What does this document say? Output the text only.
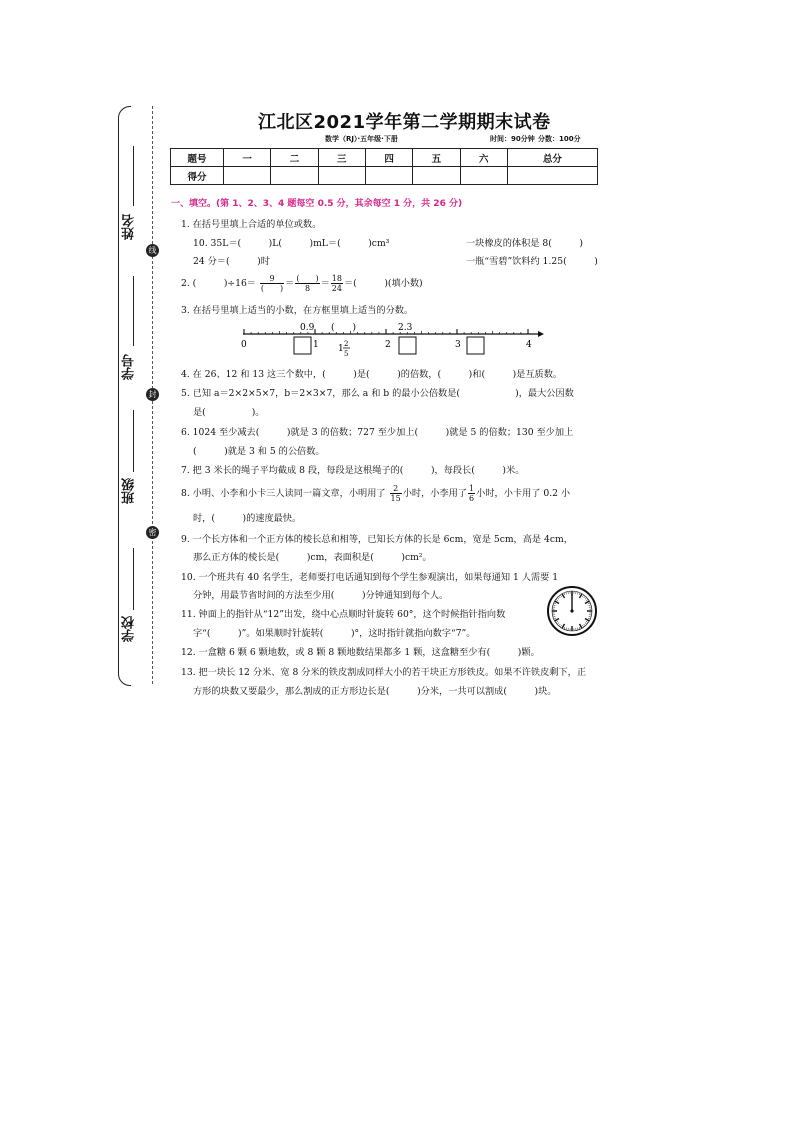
姓名
线
学号
封
班级
密
学校
江北区2021学年第二学期期末试卷
数学（RJ）·五年级·下册	时间：90分钟 分数：100分
题号	一	二	三	四	五	六	总分
得分							
一、填空。(第 1、2、3、4 题每空 0.5 分，其余每空 1 分，共 26 分)
1. 在括号里填上合适的单位或数。
10. 35L＝(　　　)L(　　　)mL＝(　　　)cm³	一块橡皮的体积是 8(　　　)
24 分＝(　　　)时	一瓶“雪碧”饮料约 1.25(　　　)
2. (　　　)$\div 16= \frac{9}{( )} = \frac{( )}{8} = \frac{18}{24}$ ＝(　　　)(填小数)
3. 在括号里填上适当的小数，在方框里填上适当的分数。
0.9 (　　)	2.3
0	1	2	3	4
1 2
5
4. 在 26、12 和 13 这三个数中，(　　　)是(　　　)的倍数，(　　　)和(　　　)是互质数。
5. 已知 a＝2×2×5×7，b＝2×3×7，那么 a 和 b 的最小公倍数是(　　　　　　)，最大公因数
是(　　　　　)。
6. 1024 至少减去(　　　)就是 3 的倍数；727 至少加上(　　　)就是 5 的倍数；130 至少加上
(　　　)就是 3 和 5 的公倍数。
7. 把 3 米长的绳子平均截成 8 段，每段是这根绳子的(　　　)，每段长(　　　)米。
8. 小明、小李和小卡三人读同一篇文章，小明用了 $\frac{2}{15}$ 小时，小李用了 $\frac{1}{6}$ 小时，小卡用了 0.2 小
时，(　　　)的速度最快。
9. 一个长方体和一个正方体的棱长总和相等，已知长方体的长是 6cm，宽是 5cm，高是 4cm，
那么正方体的棱长是(　　　)cm，表面积是(　　　)cm²。
10. 一个班共有 40 名学生，老师要打电话通知到每个学生参观演出，如果每通知 1 人需要 1
分钟，用最节省时间的方法至少用(　　　)分钟通知到每个人。
11. 钟面上的指针从“12”出发，绕中心点顺时针旋转 60°，这个时候指针指向数
字“(　　　)”。如果顺时针旋转(　　　)°，这时指针就指向数字“7”。
12. 一盒糖 6 颗 6 颗地数，或 8 颗 8 颗地数结果都多 1 颗，这盒糖至少有(　　　)颗。
13. 把一块长 12 分米、宽 8 分米的铁皮割成同样大小的若干块正方形铁皮。如果不许铁皮剩下，正
方形的块数又要最少，那么割成的正方形边长是(　　　)分米，一共可以割成(　　　)块。
